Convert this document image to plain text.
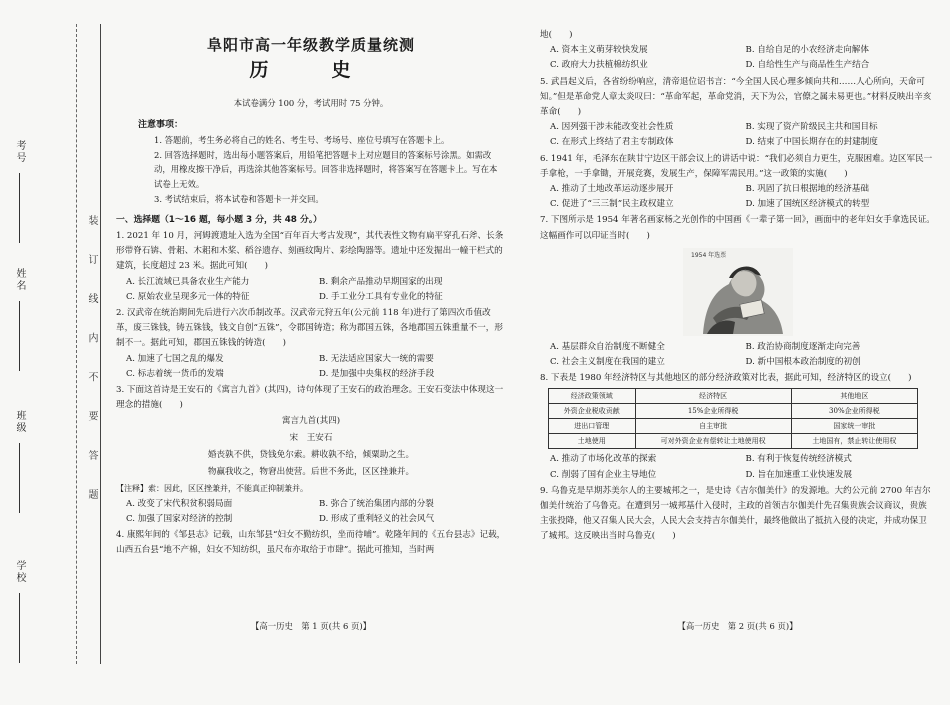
学校
班级
姓名
考号
装 订 线 内 不 要 答 题
阜阳市高一年级教学质量统测
历　史
本试卷满分 100 分，考试用时 75 分钟。
注意事项：

1. 答题前，考生务必将自己的姓名、考生号、考场号、座位号填写在答题卡上。

2. 回答选择题时，选出每小题答案后，用铅笔把答题卡上对应题目的答案标号涂黑。如需改动，用橡皮擦干净后，再选涂其他答案标号。回答非选择题时，将答案写在答题卡上。写在本试卷上无效。

3. 考试结束后，将本试卷和答题卡一并交回。

一、选择题（1～16 题，每小题 3 分，共 48 分。）
1. 2021 年 10 月，河姆渡遗址入选为全国“百年百大考古发现”，其代表性文物有扁平穿孔石斧、长条形带脊石锛、骨耜、木耜和木桨、稻谷遗存、刻画纹陶片、彩绘陶器等。遗址中还发掘出一幢干栏式的建筑，长度超过 23 米。据此可知(　　)
A. 长江流域已具备农业生产能力	B. 剩余产品推动早期国家的出现
C. 原始农业呈现多元一体的特征	D. 手工业分工具有专业化的特征
2. 汉武帝在统治期间先后进行六次币制改革。汉武帝元狩五年(公元前 118 年)进行了第四次币值改革，废三铢钱，铸五铢钱，钱文自创“五铢”，令郡国铸造；称为郡国五铢，各地郡国五铢重量不一，形制不一。据此可知，郡国五铢钱的铸造(　　)
A. 加速了七国之乱的爆发	B. 无法适应国家大一统的需要
C. 标志着统一货币的发端	D. 是加强中央集权的经济手段
3. 下面这首诗是王安石的《寓言九首》(其四)，诗句体现了王安石的政治理念。王安石变法中体现这一理念的措施(　　)
寓言九首(其四)
宋　王安石
婚丧孰不供，贷钱免尔索。耕收孰不给，倾粟助之生。
物赢我收之，物窘出使营。后世不务此，区区挫兼并。
【注释】索：因此，区区挫兼并，不能真正抑制兼并。
A. 改变了宋代积贫积弱局面	B. 弥合了统治集团内部的分裂
C. 加强了国家对经济的控制	D. 形成了重利轻义的社会风气
4. 康熙年间的《邹县志》记载，山东邹县“妇女不勤纺织，坐而待哺”。乾隆年间的《五台县志》记载，山西五台县“地不产棉，妇女不知纺织，虽尺布亦取给于市肆”。据此可推知，当时两
【高一历史　第 1 页(共 6 页)】
地(　　)
A. 资本主义萌芽较快发展	B. 自给自足的小农经济走向解体
C. 政府大力扶植棉纺织业	D. 自给性生产与商品性生产结合
5. 武昌起义后，各省纷纷响应，清帝退位诏书言：“今全国人民心理多倾向共和……人心所向，天命可知。”但是革命党人章太炎叹曰：“革命军起，革命党消，天下为公，官僚之属未易更也。”材料反映出辛亥革命(　　)
A. 因列强干涉未能改变社会性质	B. 实现了资产阶级民主共和国目标
C. 在形式上终结了君主专制政体	D. 结束了中国长期存在的封建制度
6. 1941 年，毛泽东在陕甘宁边区干部会议上的讲话中说：“我们必须自力更生，克服困难。边区军民一手拿枪，一手拿锄，开展竞赛，发展生产，保障军需民用。”这一政策的实施(　　)
A. 推动了土地改革运动逐步展开	B. 巩固了抗日根据地的经济基础
C. 促进了“三三制”民主政权建立	D. 加速了国统区经济模式的转型
7. 下图所示是 1954 年著名画家杨之光创作的中国画《一辈子第一回》，画面中的老年妇女手拿选民证。这幅画作可以印证当时(　　)
1954 年选票
A. 基层群众自治制度不断健全	B. 政治协商制度逐渐走向完善
C. 社会主义制度在我国的建立	D. 新中国根本政治制度的初创
8. 下表是 1980 年经济特区与其他地区的部分经济政策对比表，据此可知，经济特区的设立(　　)
经济政策领域	经济特区	其他地区
外资企业税收贡献	15%企业所得税	30%企业所得税
进出口管理	自主审批	国家统一审批
土地使用	可对外资企业有偿转让土地使用权	土地国有，禁止转让使用权
A. 推动了市场化改革的探索	B. 有利于恢复传统经济模式
C. 削弱了国有企业主导地位	D. 旨在加速重工业快速发展
9. 乌鲁克是早期苏美尔人的主要城邦之一，是史诗《吉尔伽美什》的发源地。大约公元前 2700 年吉尔伽美什统治了乌鲁克。在遭到另一城邦基什入侵时，主政的首领吉尔伽美什先召集贵族会议商议，贵族主张投降，他又召集人民大会，人民大会支持吉尔伽美什，最终他做出了抵抗入侵的决定，并成功保卫了城邦。这反映出当时乌鲁克(　　)
【高一历史　第 2 页(共 6 页)】
